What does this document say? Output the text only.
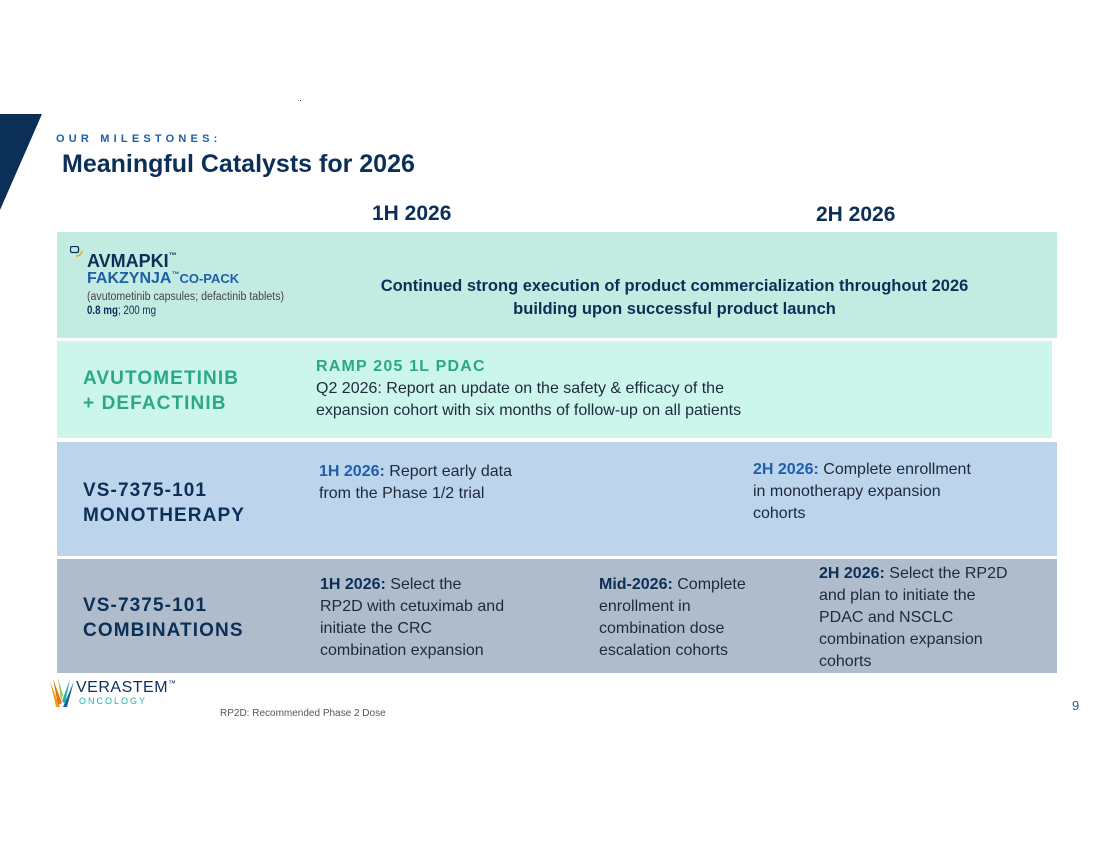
OUR MILESTONES:
Meaningful Catalysts for 2026
1H 2026	2H 2026
AVMAPKI™
FAKZYNJA™CO-PACK
(avutometinib capsules; defactinib tablets)
0.8 mg; 200 mg
Continued strong execution of product commercialization throughout 2026
building upon successful product launch
AVUTOMETINIB
+ DEFACTINIB
RAMP 205 1L PDAC
Q2 2026: Report an update on the safety & efficacy of the
expansion cohort with six months of follow-up on all patients
VS-7375-101
MONOTHERAPY
1H 2026: Report early data
from the Phase 1/2 trial
2H 2026: Complete enrollment
in monotherapy expansion
cohorts
VS-7375-101
COMBINATIONS
1H 2026: Select the
RP2D with cetuximab and
initiate the CRC
combination expansion
Mid-2026: Complete
enrollment in
combination dose
escalation cohorts
2H 2026: Select the RP2D
and plan to initiate the
PDAC and NSCLC
combination expansion
cohorts
VERASTEM™
ONCOLOGY
RP2D: Recommended Phase 2 Dose
9
